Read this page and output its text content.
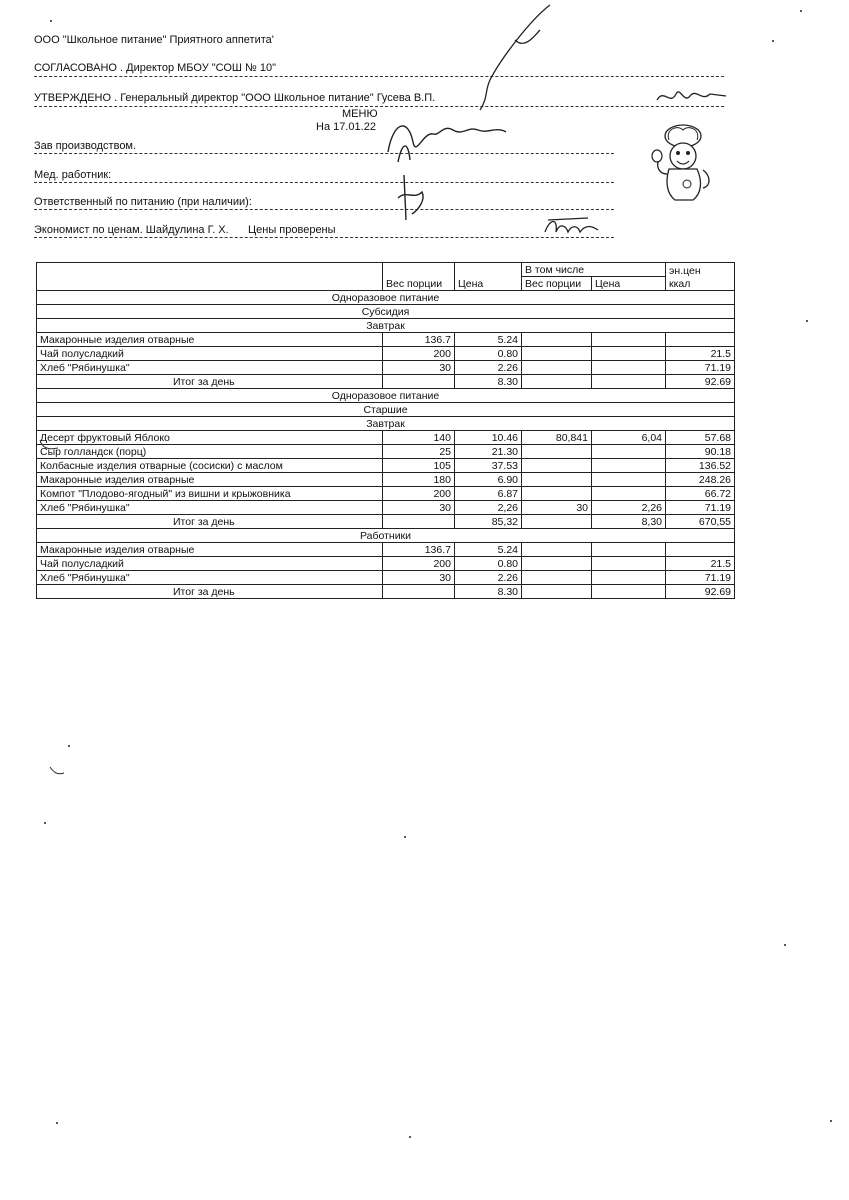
ООО "Школьное питание" Приятного аппетита'
СОГЛАСОВАНО . Директор МБОУ "СОШ № 10"
УТВЕРЖДЕНО . Генеральный директор "ООО Школьное питание" Гусева В.П.
МЕНЮ
На 17.01.22
Зав производством.
Мед. работник:
Ответственный по питанию (при наличии):
Экономист по ценам. Шайдулина Г. Х. Цены проверены
			В том числе		эн.цен
	Вес порции	Цена	Вес порции	Цена	ккал
Одноразовое питание					
Субсидия					
Завтрак					
Макаронные изделия отварные	136.7	5.24			
Чай полусладкий	200	0.80			21.5
Хлеб "Рябинушка"	30	2.26			71.19
Итог за день		8.30			92.69
Одноразовое питание					
Старшие					
Завтрак					
Десерт фруктовый Яблоко	140	10.46	80,841	6,04	57.68
Сыр голландск (порц)	25	21.30			90.18
Колбасные изделия отварные (сосиски) с маслом	105	37.53			136.52
Макаронные изделия отварные	180	6.90			248.26
Компот "Плодово-ягодный" из вишни и крыжовника	200	6.87			66.72
Хлеб "Рябинушка"	30	2,26	30	2,26	71.19
Итог за день		85,32		8,30	670,55
Работники					
Макаронные изделия отварные	136.7	5.24			
Чай полусладкий	200	0.80			21.5
Хлеб "Рябинушка"	30	2.26			71.19
Итог за день		8.30			92.69
